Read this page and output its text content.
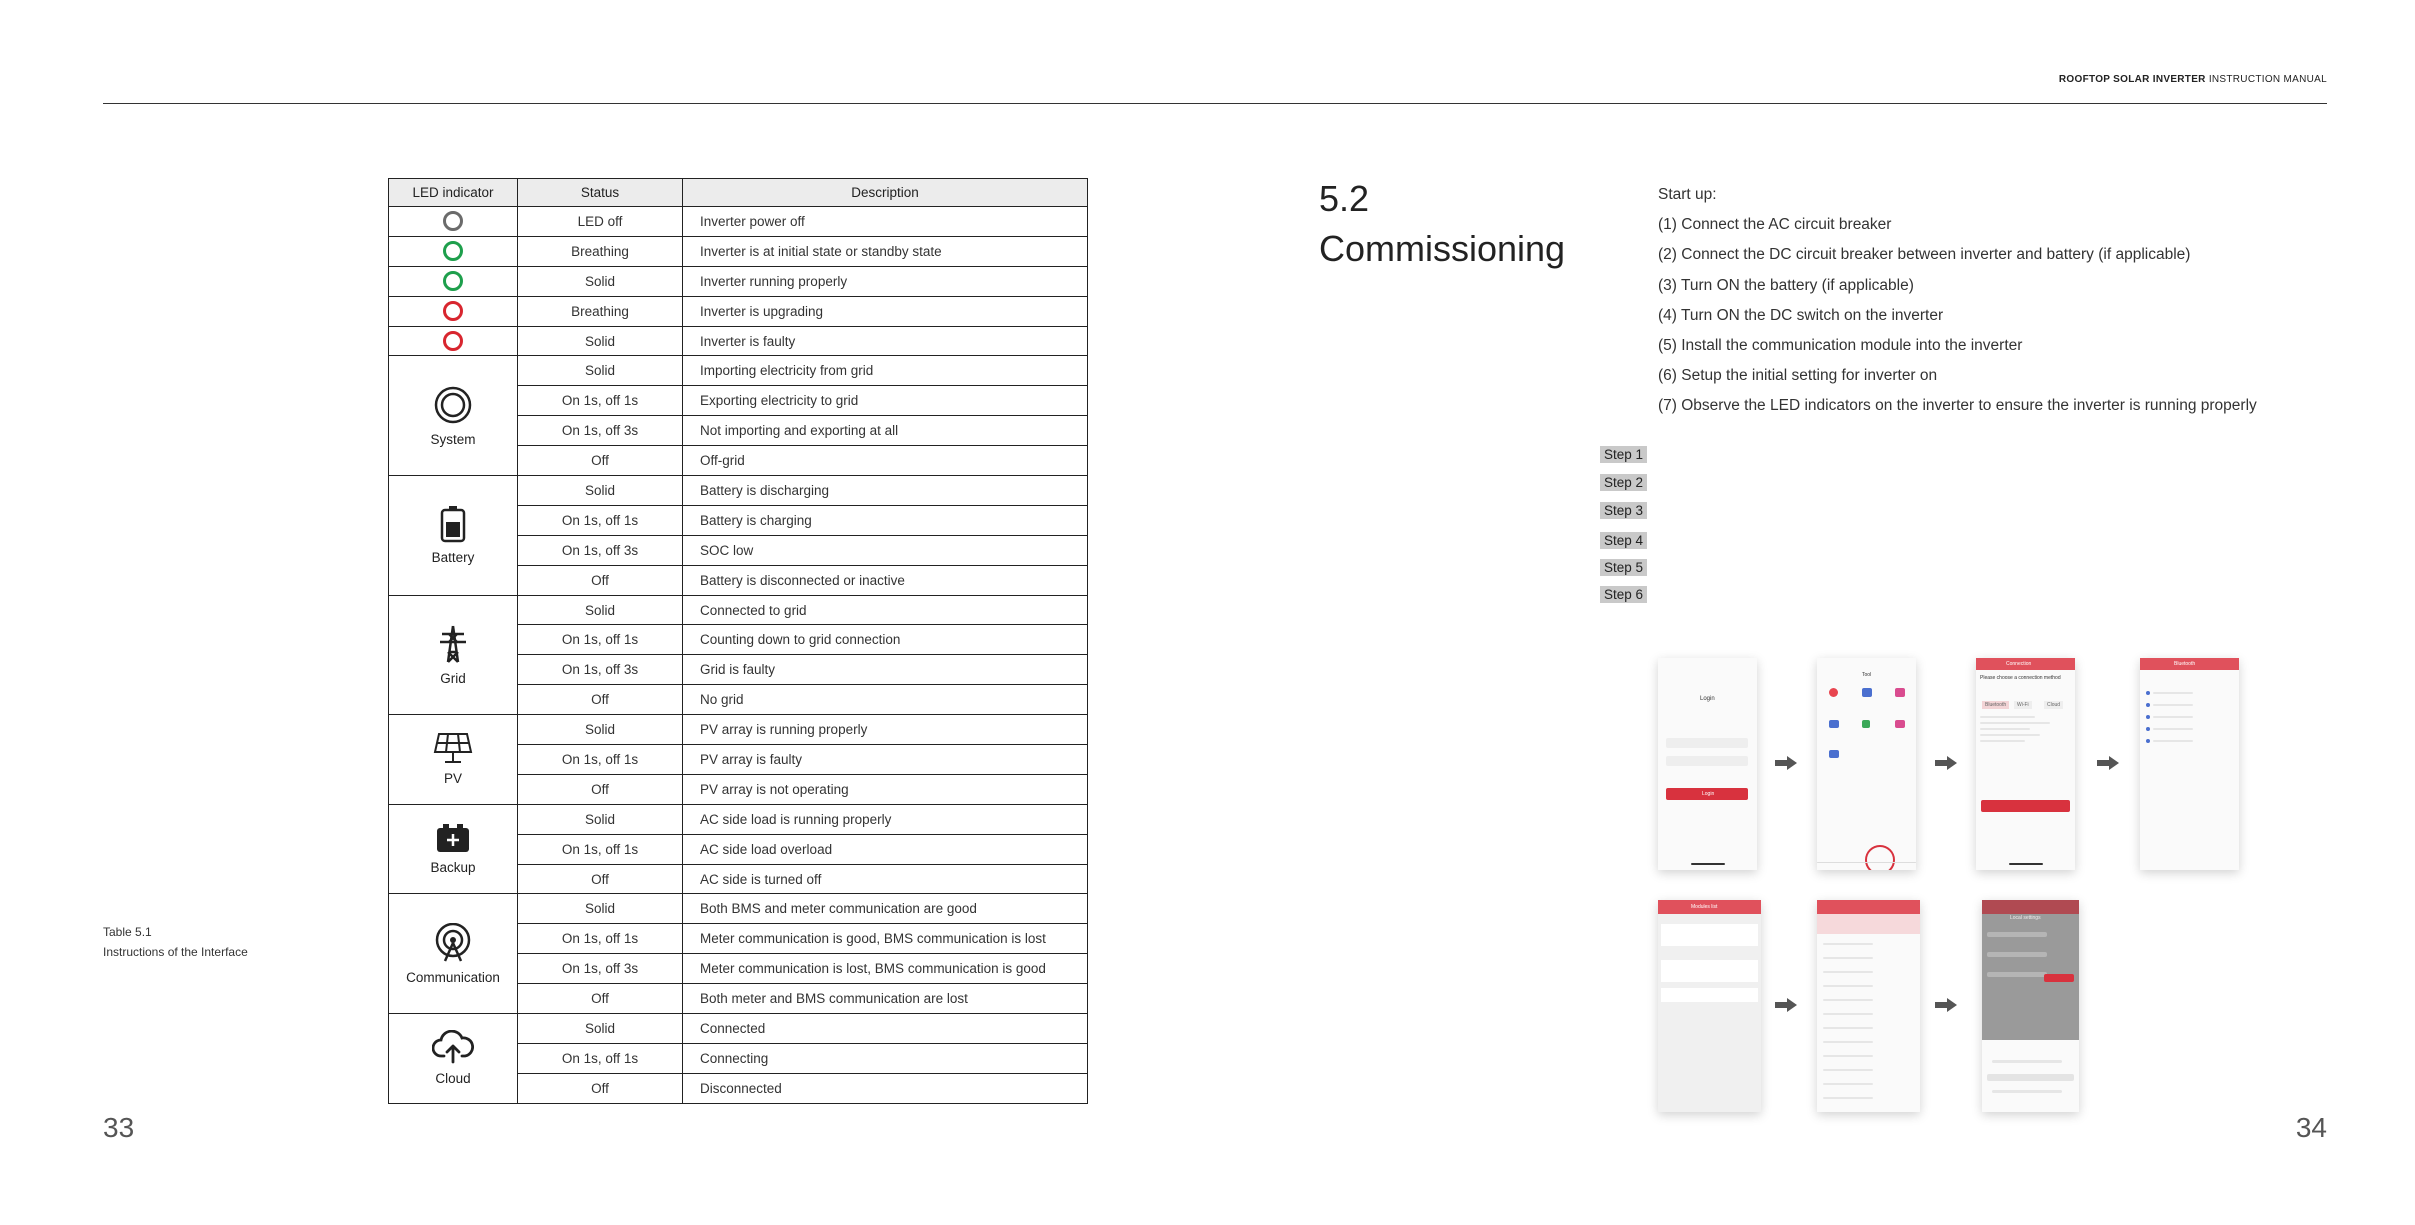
ROOFTOP SOLAR INVERTER INSTRUCTION MANUAL
Table 5.1
Instructions of the Interface
33
LED indicator	Status	Description
	LED off	Inverter power off
	Breathing	Inverter is at initial state or standby state
	Solid	Inverter running properly
	Breathing	Inverter is upgrading
	Solid	Inverter is faulty

System	Solid	Importing electricity from grid
	On 1s, off 1s	Exporting electricity to grid
	On 1s, off 3s	Not importing and exporting at all
	Off	Off-grid

Battery	Solid	Battery is discharging
	On 1s, off 1s	Battery is charging
	On 1s, off 3s	SOC low
	Off	Battery is disconnected or inactive

Grid	Solid	Connected to grid
	On 1s, off 1s	Counting down to grid connection
	On 1s, off 3s	Grid is faulty
	Off	No grid

PV	Solid	PV array is running properly
	On 1s, off 1s	PV array is faulty
	Off	PV array is not operating

Backup	Solid	AC side load is running properly
	On 1s, off 1s	AC side load overload
	Off	AC side is turned off

Communication	Solid	Both BMS and meter communication are good
	On 1s, off 1s	Meter communication is good, BMS communication is lost
	On 1s, off 3s	Meter communication is lost, BMS communication is good
	Off	Both meter and BMS communication are lost

Cloud	Solid	Connected
	On 1s, off 1s	Connecting
	Off	Disconnected
5.2
Commissioning
Start up:
(1) Connect the AC circuit breaker
(2) Connect the DC circuit breaker between inverter and battery (if applicable)
(3) Turn ON the battery (if applicable)
(4) Turn ON the DC switch on the inverter
(5) Install the communication module into the inverter
(6) Setup the initial setting for inverter on
(7) Observe the LED indicators on the inverter to ensure the inverter is running properly
Step 1
Step 2
Step 3
Step 4
Step 5
Step 6
Login
Login
Tool
Connection
Please choose a connection method
Bluetooth	Wi-Fi	Cloud
Bluetooth
Modules list
Local settings
34
